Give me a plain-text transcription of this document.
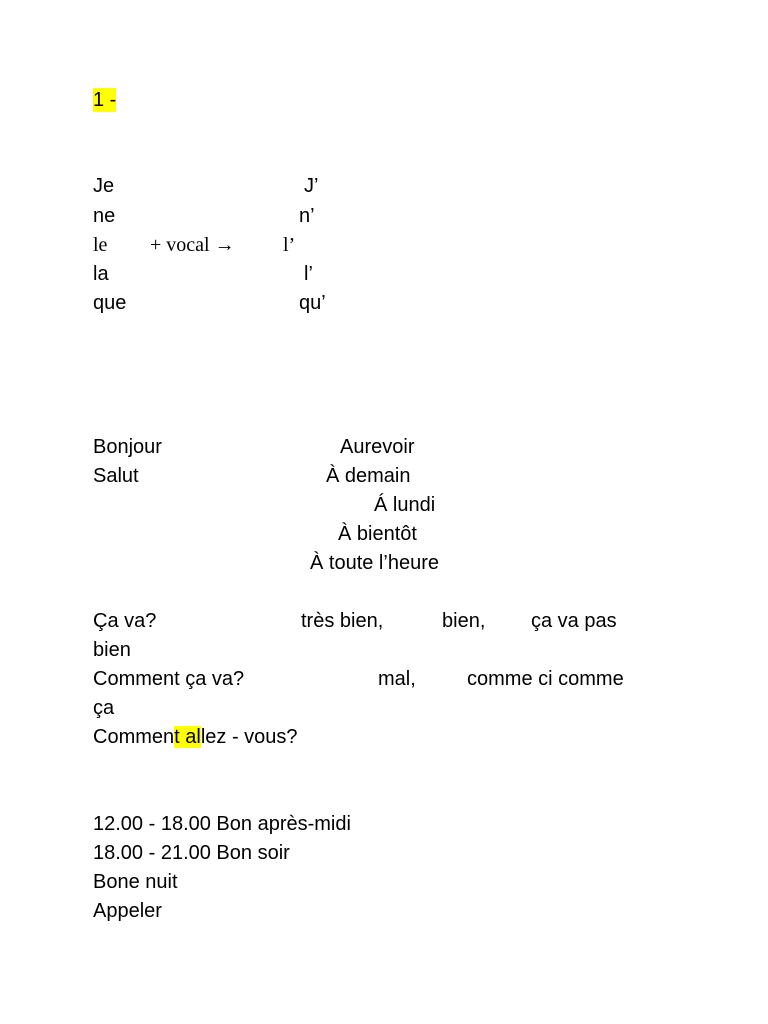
1 -
Je	J’
ne	n’
le + vocal → l’
la	l’
que	qu’
Bonjour	Aurevoir
Salut	À demain
Á lundi
À bientôt
À toute l’heure
Ça va?	très bien,	bien, ça va pas
bien
Comment ça va?	mal,	comme ci comme
ça
Comment allez - vous?
12.00 - 18.00 Bon après-midi
18.00 - 21.00 Bon soir
Bone nuit
Appeler
